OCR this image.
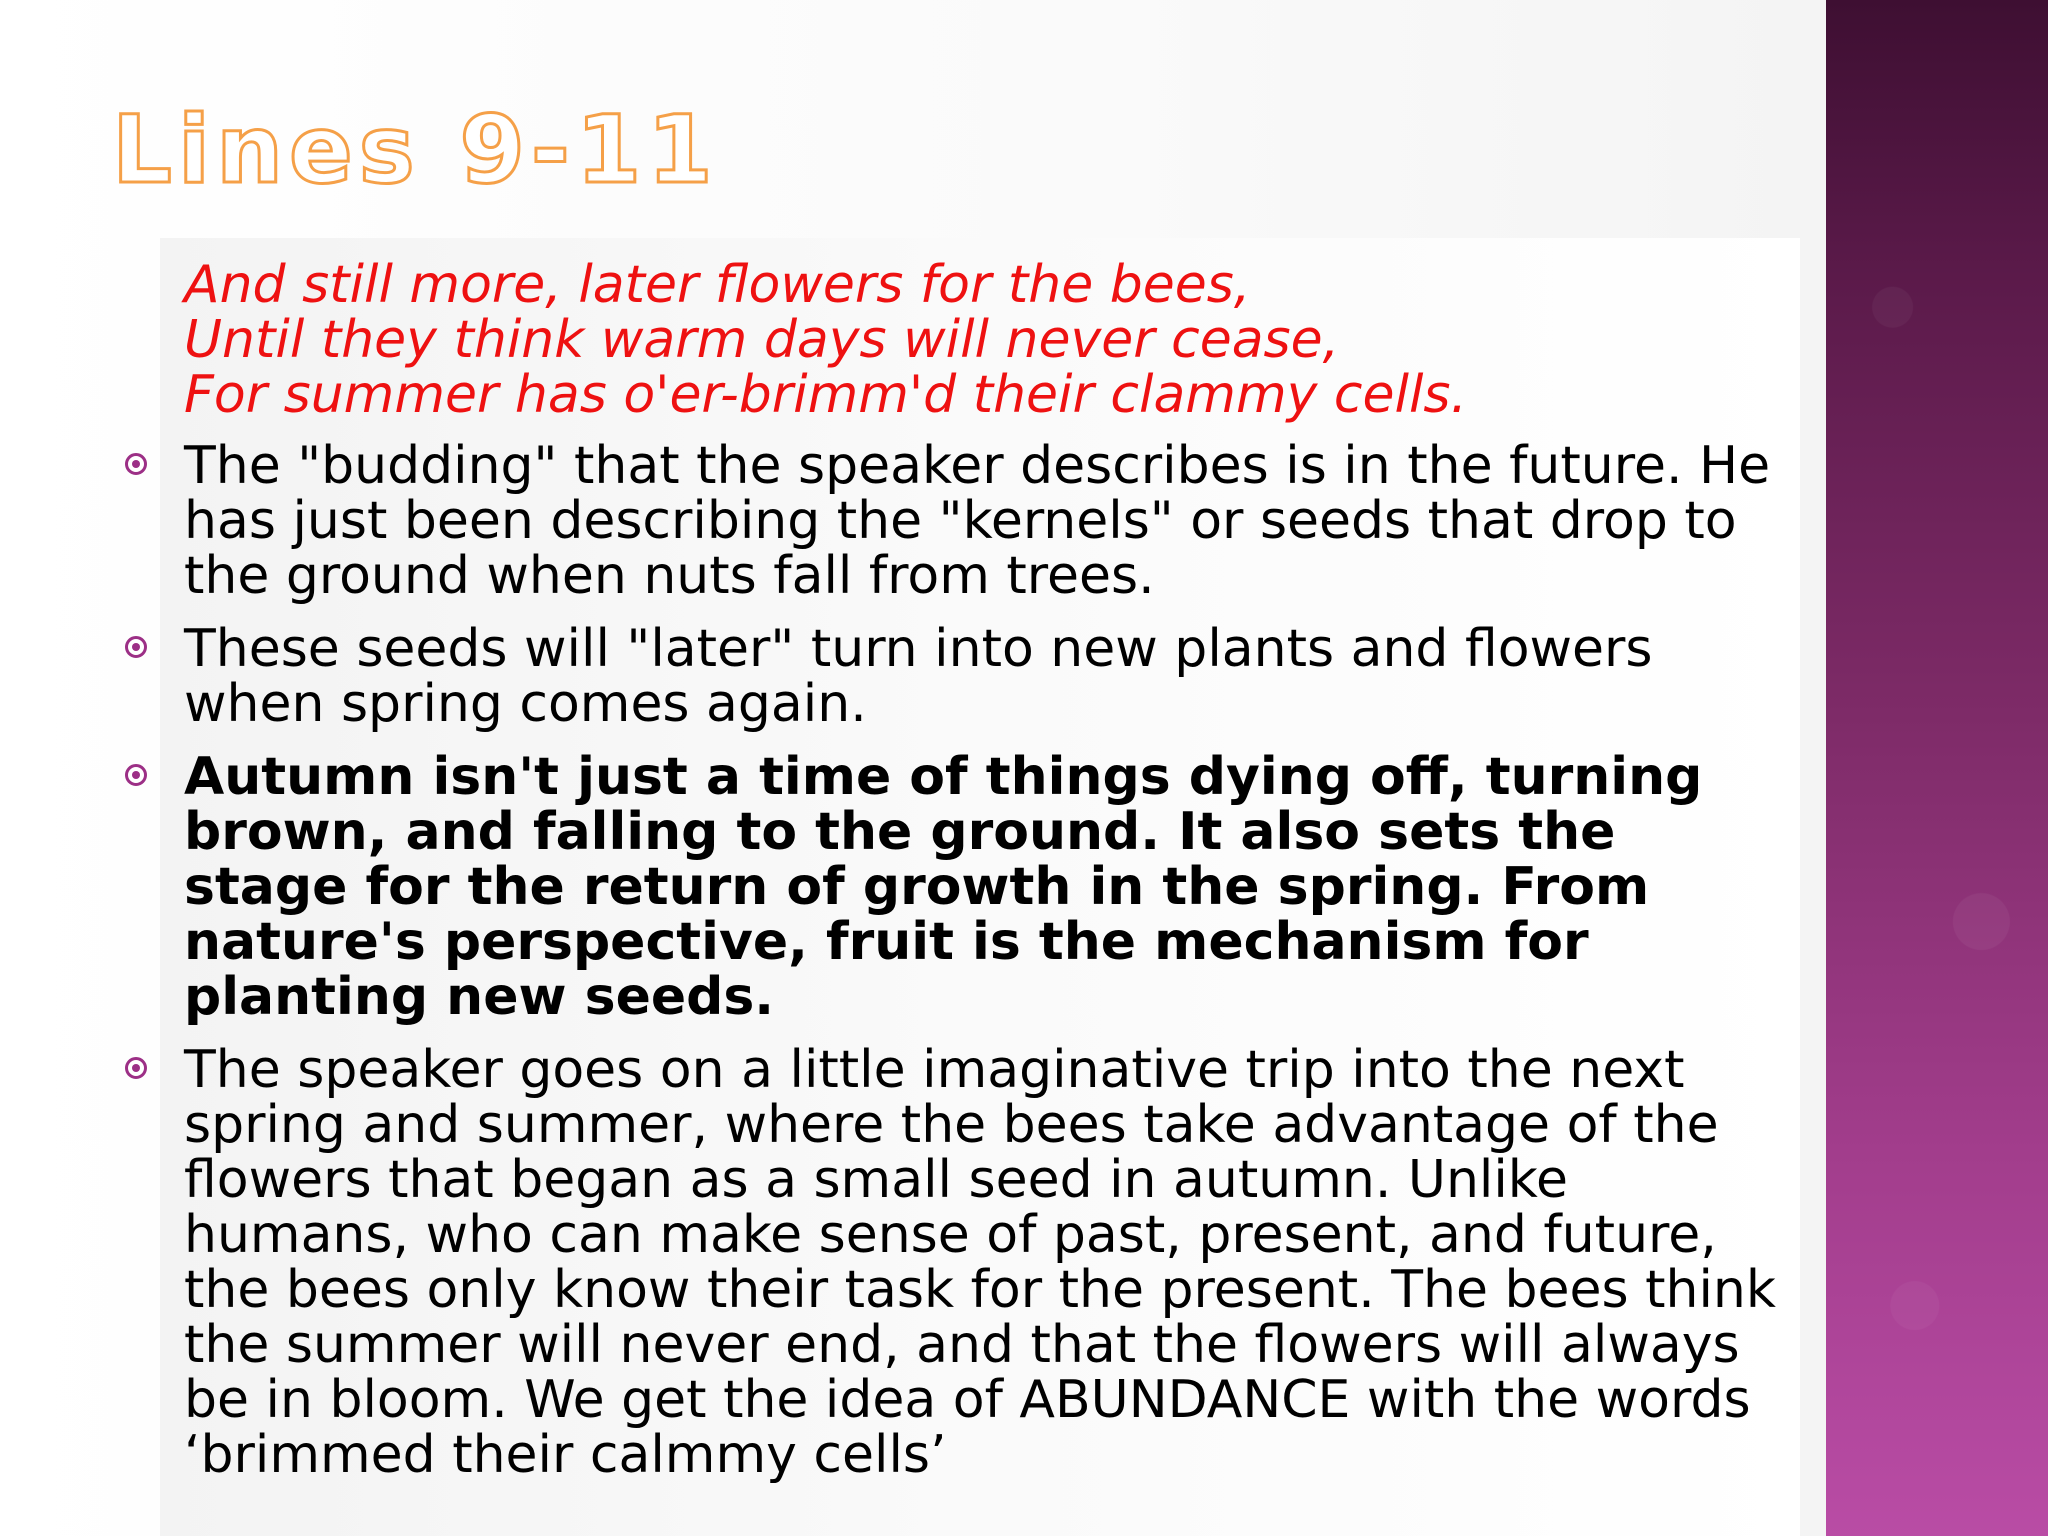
Lines 9-11
And still more, later flowers for the bees,
Until they think warm days will never cease,
For summer has o'er-brimm'd their clammy cells.
The "budding" that the speaker describes is in the future. He has just been describing the "kernels" or seeds that drop to the ground when nuts fall from trees.
These seeds will "later" turn into new plants and flowers when spring comes again.
Autumn isn't just a time of things dying off, turning brown, and falling to the ground. It also sets the stage for the return of growth in the spring. From nature's perspective, fruit is the mechanism for planting new seeds.
The speaker goes on a little imaginative trip into the next spring and summer, where the bees take advantage of the flowers that began as a small seed in autumn. Unlike humans, who can make sense of past, present, and future, the bees only know their task for the present. The bees think the summer will never end, and that the flowers will always be in bloom. We get the idea of ABUNDANCE with the words ‘brimmed their calmmy cells’
